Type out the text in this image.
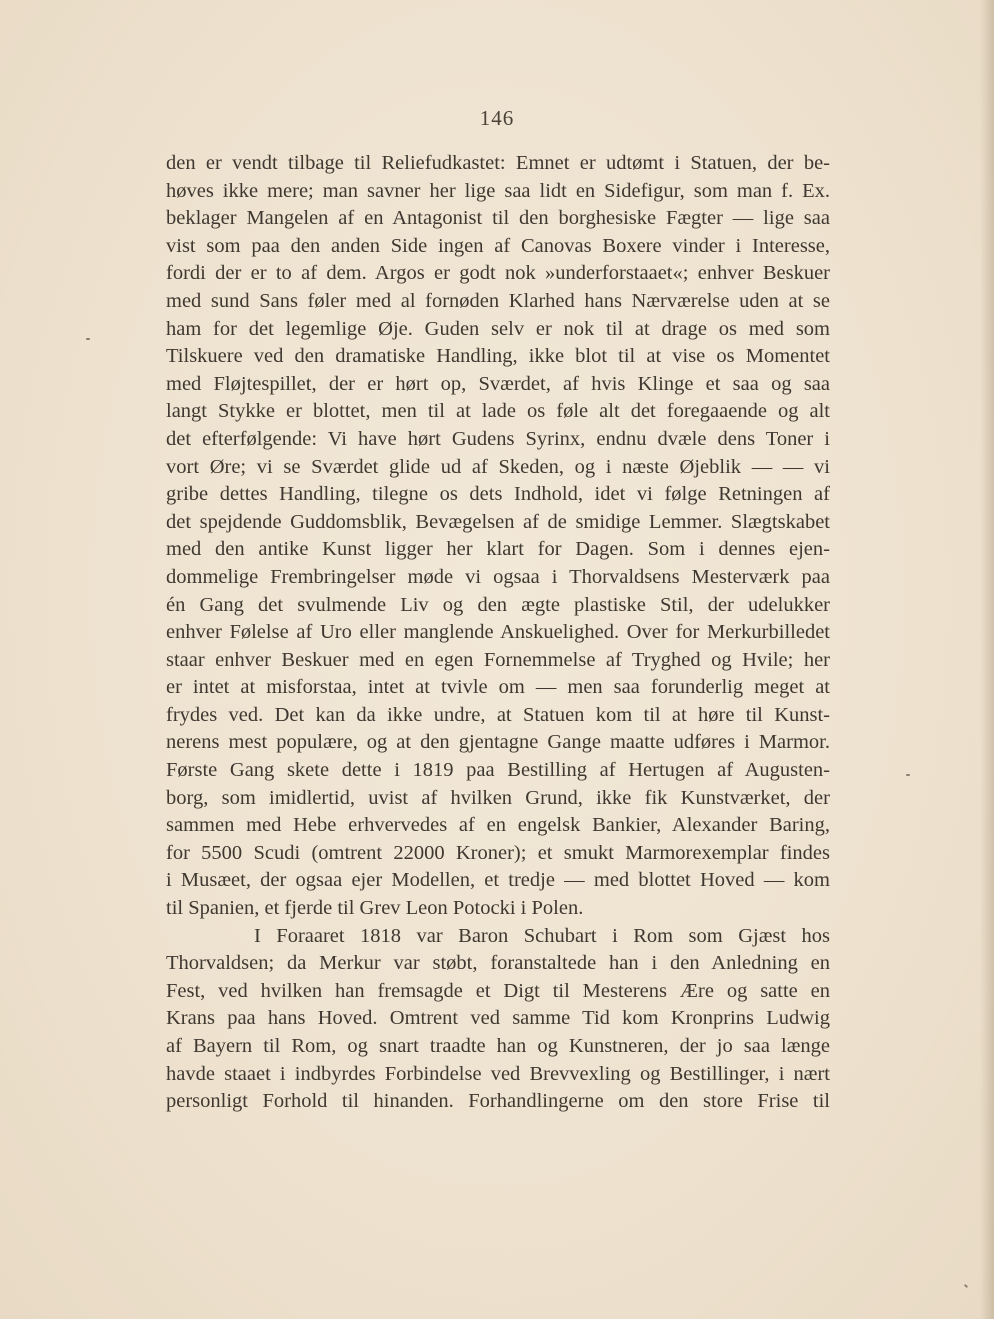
146
den er vendt tilbage til Reliefudkastet: Emnet er udtømt i Statuen, der be-
høves ikke mere; man savner her lige saa lidt en Sidefigur, som man f. Ex.
beklager Mangelen af en Antagonist til den borghesiske Fægter — lige saa
vist som paa den anden Side ingen af Canovas Boxere vinder i Interesse,
fordi der er to af dem. Argos er godt nok »underforstaaet«; enhver Beskuer
med sund Sans føler med al fornøden Klarhed hans Nærværelse uden at se
ham for det legemlige Øje. Guden selv er nok til at drage os med som
Tilskuere ved den dramatiske Handling, ikke blot til at vise os Momentet
med Fløjtespillet, der er hørt op, Sværdet, af hvis Klinge et saa og saa
langt Stykke er blottet, men til at lade os føle alt det foregaaende og alt
det efterfølgende: Vi have hørt Gudens Syrinx, endnu dvæle dens Toner i
vort Øre; vi se Sværdet glide ud af Skeden, og i næste Øjeblik — — vi
gribe dettes Handling, tilegne os dets Indhold, idet vi følge Retningen af
det spejdende Guddomsblik, Bevægelsen af de smidige Lemmer. Slægtskabet
med den antike Kunst ligger her klart for Dagen. Som i dennes ejen-
dommelige Frembringelser møde vi ogsaa i Thorvaldsens Mesterværk paa
én Gang det svulmende Liv og den ægte plastiske Stil, der udelukker
enhver Følelse af Uro eller manglende Anskuelighed. Over for Merkurbilledet
staar enhver Beskuer med en egen Fornemmelse af Tryghed og Hvile; her
er intet at misforstaa, intet at tvivle om — men saa forunderlig meget at
frydes ved. Det kan da ikke undre, at Statuen kom til at høre til Kunst-
nerens mest populære, og at den gjentagne Gange maatte udføres i Marmor.
Første Gang skete dette i 1819 paa Bestilling af Hertugen af Augusten-
borg, som imidlertid, uvist af hvilken Grund, ikke fik Kunstværket, der
sammen med Hebe erhvervedes af en engelsk Bankier, Alexander Baring,
for 5500 Scudi (omtrent 22000 Kroner); et smukt Marmorexemplar findes
i Musæet, der ogsaa ejer Modellen, et tredje — med blottet Hoved — kom
til Spanien, et fjerde til Grev Leon Potocki i Polen.
I Foraaret 1818 var Baron Schubart i Rom som Gjæst hos
Thorvaldsen; da Merkur var støbt, foranstaltede han i den Anledning en
Fest, ved hvilken han fremsagde et Digt til Mesterens Ære og satte en
Krans paa hans Hoved. Omtrent ved samme Tid kom Kronprins Ludwig
af Bayern til Rom, og snart traadte han og Kunstneren, der jo saa længe
havde staaet i indbyrdes Forbindelse ved Brevvexling og Bestillinger, i nært
personligt Forhold til hinanden. Forhandlingerne om den store Frise til
